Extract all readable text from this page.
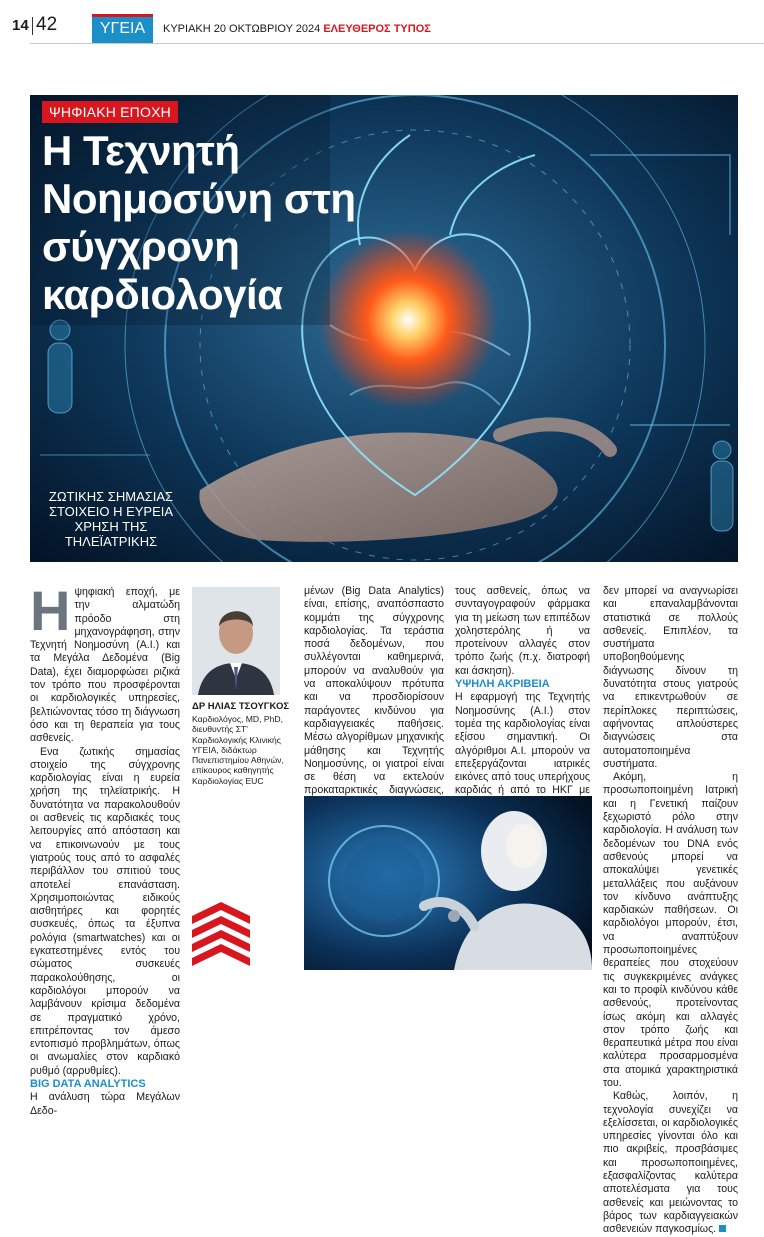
14 42	ΥΓΕΙΑ	ΚΥΡΙΑΚΗ 20 ΟΚΤΩΒΡΙΟΥ 2024 ΕΛΕΥΘΕΡΟΣ ΤΥΠΟΣ
ΨΗΦΙΑΚΗ ΕΠΟΧΗ
Η Τεχνητή Νοημοσύνη στη σύγχρονη καρδιολογία
ΖΩΤΙΚΗΣ ΣΗΜΑΣΙΑΣ ΣΤΟΙΧΕΙΟ Η ΕΥΡΕΙΑ ΧΡΗΣΗ ΤΗΣ ΤΗΛΕΪΑΤΡΙΚΗΣ
Η ψηφιακή εποχή, με την αλματώδη πρόοδο στη μηχανογράφηση, στην Τεχνητή Νοημοσύνη (Α.Ι.) και τα Μεγάλα Δεδομένα (Big Data), έχει διαμορφώσει ριζικά τον τρόπο που προσφέρονται οι καρδιολογικές υπηρεσίες, βελτιώνοντας τόσο τη διάγνωση όσο και τη θεραπεία για τους ασθενείς.

Ενα ζωτικής σημασίας στοιχείο της σύγχρονης καρδιολογίας είναι η ευρεία χρήση της τηλεϊατρικής. Η δυνατότητα να παρακολουθούν οι ασθενείς τις καρδιακές τους λειτουργίες από απόσταση και να επικοινωνούν με τους γιατρούς τους από το ασφαλές περιβάλλον του σπιτιού τους αποτελεί επανάσταση. Χρησιμοποιώντας ειδικούς αισθητήρες και φορητές συσκευές, όπως τα έξυπνα ρολόγια (smartwatches) και οι εγκατεστημένες εντός του σώματος συσκευές παρακολούθησης, οι καρδιολόγοι μπορούν να λαμβάνουν κρίσιμα δεδομένα σε πραγματικό χρόνο, επιτρέποντας τον άμεσο εντοπισμό προβλημάτων, όπως οι ανωμαλίες στον καρδιακό ρυθμό (αρρυθμίες).

BIG DATA ANALYTICS

Η ανάλυση τώρα Μεγάλων Δεδο-

ΔΡ ΗΛΙΑΣ ΤΣΟΥΓΚΟΣ
Καρδιολόγος, MD, PhD, διευθυντής ΣΤ' Καρδιολογικής Κλινικής ΥΓΕΙΑ, διδάκτωρ Πανεπιστημίου Αθηνών, επίκουρος καθηγητής Καρδιολογίας EUC

μένων (Big Data Analytics) είναι, επίσης, αναπόσπαστο κομμάτι της σύγχρονης καρδιολογίας. Τα τεράστια ποσά δεδομένων, που συλλέγονται καθημερινά, μπορούν να αναλυθούν για να αποκαλύψουν πρότυπα και να προσδιορίσουν παράγοντες κινδύνου για καρδιαγγειακές παθήσεις. Μέσω αλγορίθμων μηχανικής μάθησης και Τεχνητής Νοημοσύνης, οι γιατροί είναι σε θέση να εκτελούν προκαταρκτικές διαγνώσεις,

τους ασθενείς, όπως να συνταγογραφούν φάρμακα για τη μείωση των επιπέδων χοληστερόλης ή να προτείνουν αλλαγές στον τρόπο ζωής (π.χ. διατροφή και άσκηση).

ΥΨΗΛΗ ΑΚΡΙΒΕΙΑ

Η εφαρμογή της Τεχνητής Νοημοσύνης (Α.Ι.) στον τομέα της καρδιολογίας είναι εξίσου σημαντική. Οι αλγόριθμοι Α.Ι. μπορούν να επεξεργάζονται ιατρικές εικόνες από τους υπερήχους καρδιάς ή από το ΗΚΓ με

δεν μπορεί να αναγνωρίσει και επαναλαμβάνονται στατιστικά σε πολλούς ασθενείς. Επιπλέον, τα συστήματα υποβοηθούμενης διάγνωσης δίνουν τη δυνατότητα στους γιατρούς να επικεντρωθούν σε περίπλοκες περιπτώσεις, αφήνοντας απλούστερες διαγνώσεις στα αυτοματοποιημένα συστήματα.

Ακόμη, η προσωποποιημένη Ιατρική και η Γενετική παίζουν ξεχωριστό ρόλο στην καρδιολογία. Η ανάλυση των δεδομένων του DNA ενός ασθενούς μπορεί να αποκαλύψει γενετικές μεταλλάξεις που αυξάνουν τον κίνδυνο ανάπτυξης καρδιακών παθήσεων. Οι καρδιολόγοι μπορούν, έτσι, να αναπτύξουν προσωποποιημένες θεραπείες που στοχεύουν τις συγκεκριμένες ανάγκες και το προφίλ κινδύνου κάθε ασθενούς, προτείνοντας ίσως ακόμη και αλλαγές στον τρόπο ζωής και θεραπευτικά μέτρα που είναι καλύτερα προσαρμοσμένα στα ατομικά χαρακτηριστικά του.

Καθώς, λοιπόν, η τεχνολογία συνεχίζει να εξελίσσεται, οι καρδιολογικές υπηρεσίες γίνονται όλο και πιο ακριβείς, προσβάσιμες και προσωποποιημένες, εξασφαλίζοντας καλύτερα αποτελέσματα για τους ασθενείς και μειώνοντας το βάρος των καρδιαγγειακών ασθενειών παγκοσμίως.
